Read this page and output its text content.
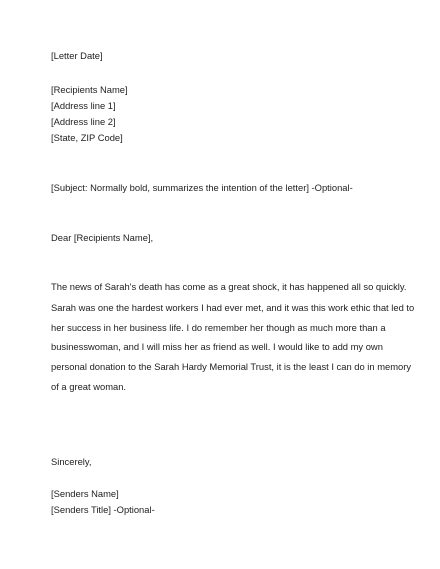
[Letter Date]
[Recipients Name]
[Address line 1]
[Address line 2]
[State, ZIP Code]
[Subject: Normally bold, summarizes the intention of the letter] -Optional-
Dear [Recipients Name],
The news of Sarah's death has come as a great shock, it has happened all so quickly.
Sarah was one the hardest workers I had ever met, and it was this work ethic that led to
her success in her business life. I do remember her though as much more than a
businesswoman, and I will miss her as friend as well. I would like to add my own
personal donation to the Sarah Hardy Memorial Trust, it is the least I can do in memory
of a great woman.
Sincerely,
[Senders Name]
[Senders Title] -Optional-
